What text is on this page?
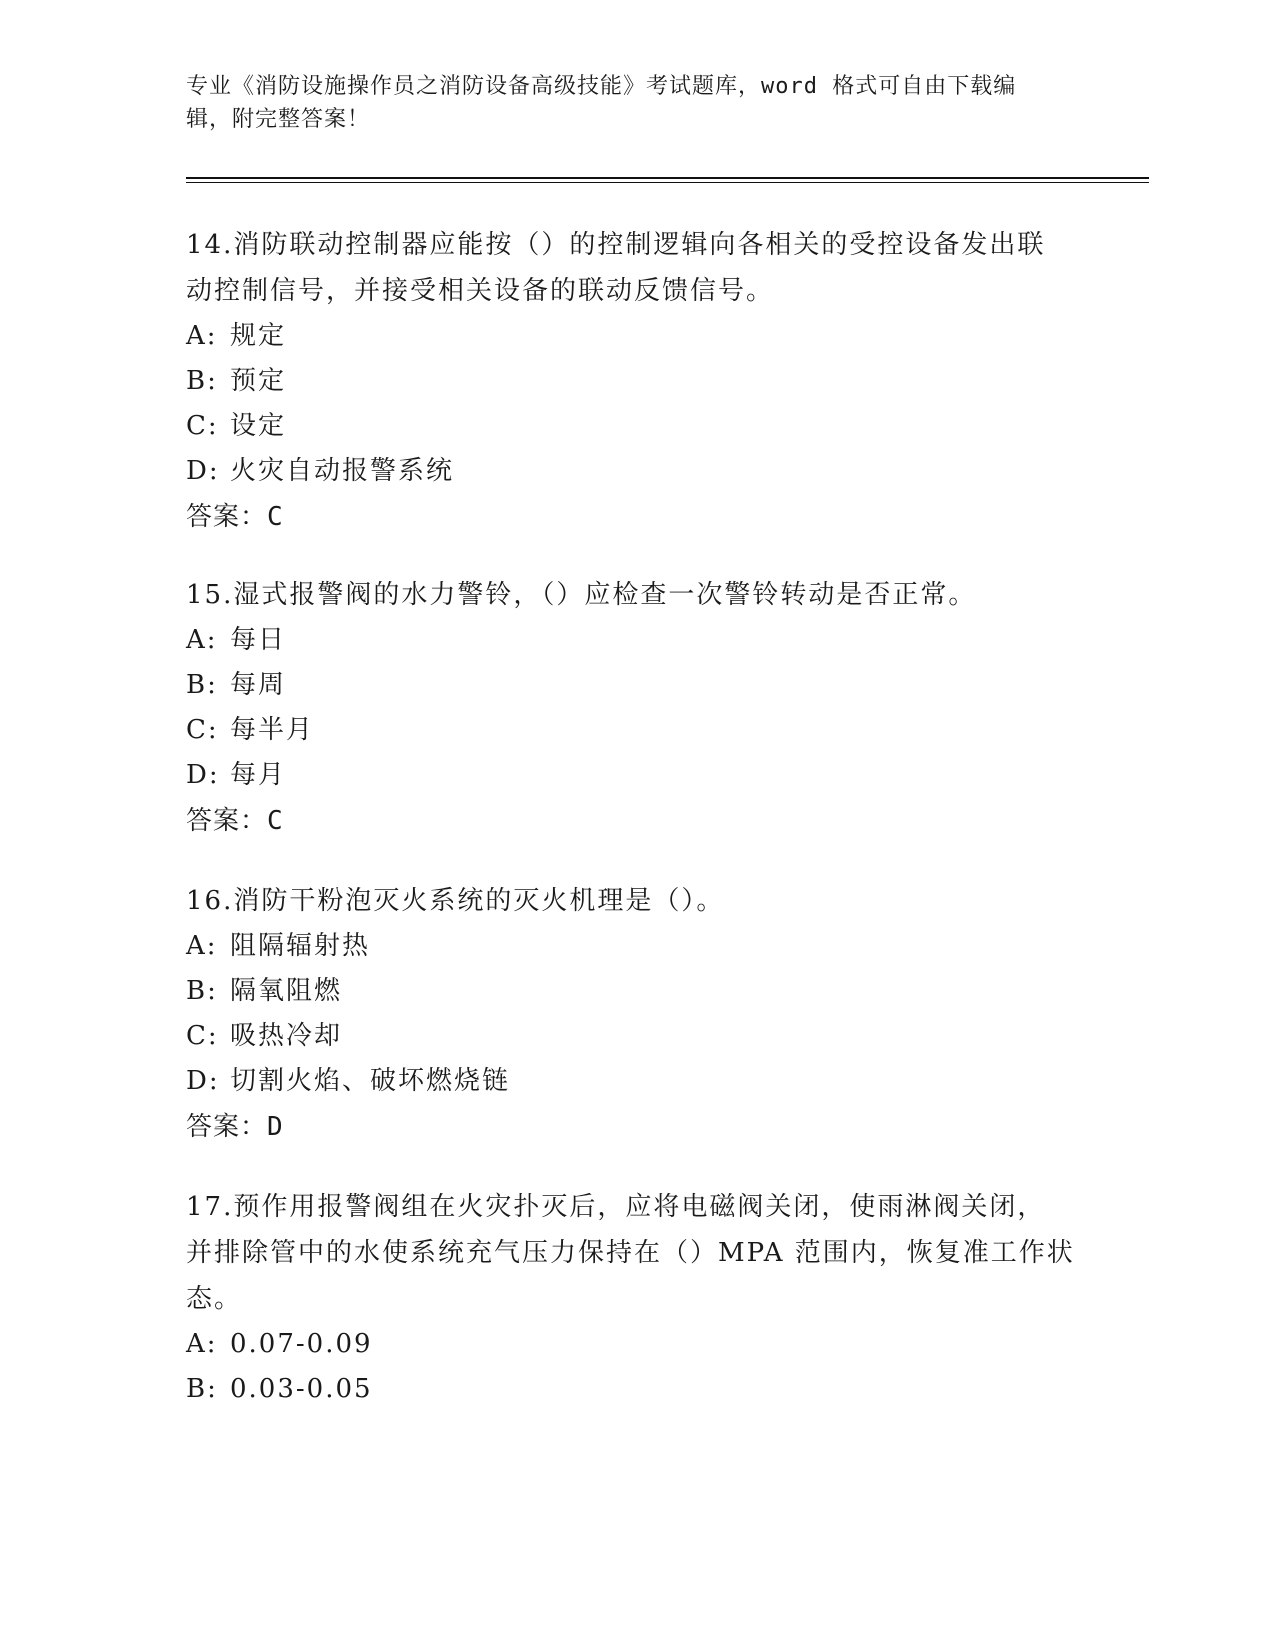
专业《消防设施操作员之消防设备高级技能》考试题库，word 格式可自由下载编
辑，附完整答案！
14.消防联动控制器应能按（）的控制逻辑向各相关的受控设备发出联
动控制信号，并接受相关设备的联动反馈信号。
A: 规定
B: 预定
C: 设定
D: 火灾自动报警系统
答案：C
15.湿式报警阀的水力警铃，（）应检查一次警铃转动是否正常。
A: 每日
B: 每周
C: 每半月
D: 每月
答案：C
16.消防干粉泡灭火系统的灭火机理是（）。
A: 阻隔辐射热
B: 隔氧阻燃
C: 吸热冷却
D: 切割火焰、破坏燃烧链
答案：D
17.预作用报警阀组在火灾扑灭后，应将电磁阀关闭，使雨淋阀关闭，
并排除管中的水使系统充气压力保持在（）MPA 范围内，恢复准工作状
态。
A: 0.07-0.09
B: 0.03-0.05
